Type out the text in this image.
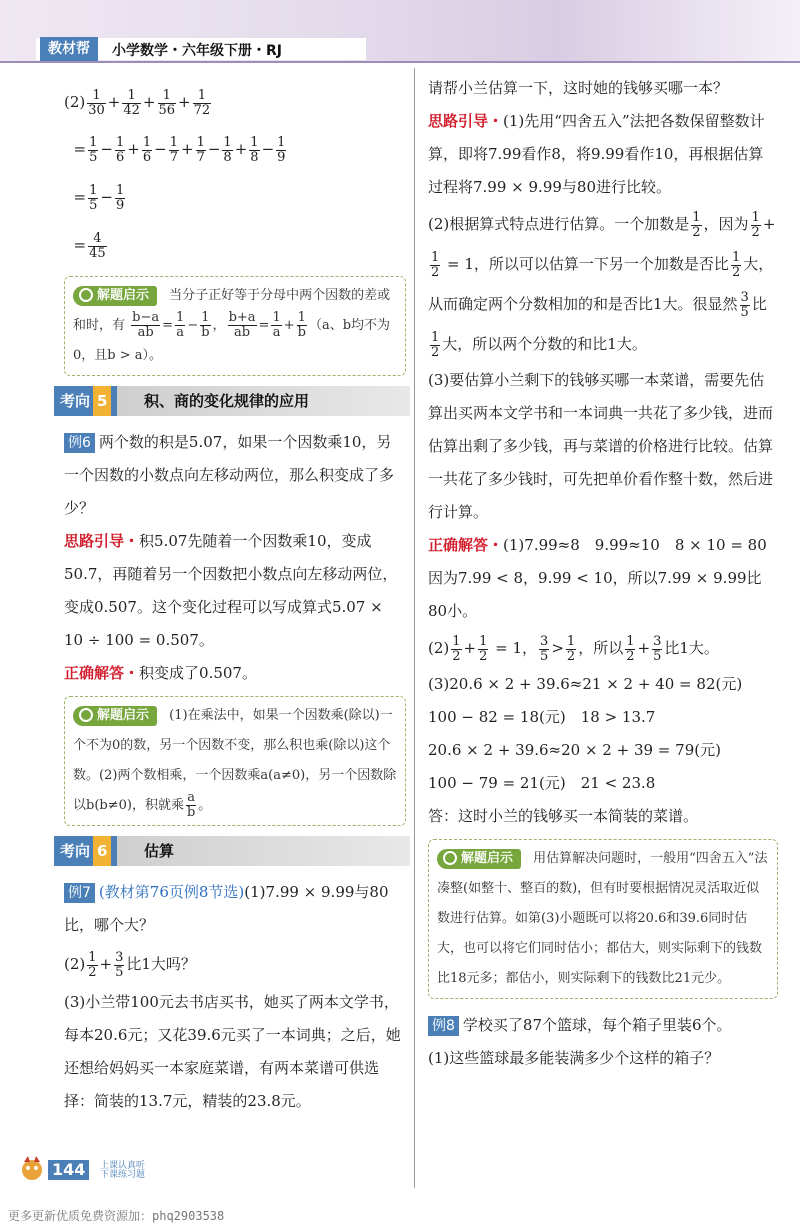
教材帮	小学数学・六年级下册・RJ

$(2) \frac{1}{30} + \frac{1}{42} + \frac{1}{56} + \frac{1}{72}$

= $\frac{1}{5} - \frac{1}{6} + \frac{1}{6} - \frac{1}{7} + \frac{1}{7} - \frac{1}{8} + \frac{1}{8} - \frac{1}{9}$

= $\frac{1}{5} - \frac{1}{9}$

= $\frac{4}{45}$

解题启示 当分子正好等于分母中两个因数的差或和时，有 $\frac{b-a}{ab} = \frac{1}{a} - \frac{1}{b}$ ， $\frac{b+a}{ab} = \frac{1}{a} + \frac{1}{b} (a$、b均不为0，且b > a）。
考向 5	积、商的变化规律的应用

例6 两个数的积是5.07，如果一个因数乘10，另一个因数的小数点向左移动两位，那么积变成了多少？

思路引导・积5.07先随着一个因数乘10，变成50.7，再随着另一个因数把小数点向左移动两位，变成0.507。这个变化过程可以写成算式5.07 × 10 ÷ 100 = 0.507。

正确解答・积变成了0.507。

解题启示 (1)在乘法中，如果一个因数乘(除以)一个不为0的数，另一个因数不变，那么积也乘(除以)这个数。(2)两个数相乘，一个因数乘a(a≠0)，另一个因数除以b(b≠0)，积就乘 $\frac{a}{b}$ 。
考向 6	估算

例7 (教材第76页例8节选)(1)7.99 × 9.99与80比，哪个大？

$(2) \frac{1}{2} + \frac{3}{5}$ 比1大吗？

(3)小兰带100元去书店买书，她买了两本文学书，每本20.6元；又花39.6元买了一本词典；之后，她还想给妈妈买一本家庭菜谱，有两本菜谱可供选择：简装的13.7元，精装的23.8元。

请帮小兰估算一下，这时她的钱够买哪一本？

思路引导・(1)先用“四舍五入”法把各数保留整数计算，即将7.99看作8，将9.99看作10，再根据估算过程将7.99 × 9.99与80进行比较。

(2)根据算式特点进行估算。一个加数是 $\frac{1}{2}$ ，因为 $\frac{1}{2}$ +
$\frac{1}{2} = 1$，所以可以估算一下另一个加数是否比 $\frac{1}{2}$ 大，从而确定两个分数相加的和是否比1大。很显然 $\frac{3}{5}$ 比
$\frac{1}{2}$ 大，所以两个分数的和比1大。

(3)要估算小兰剩下的钱够买哪一本菜谱，需要先估算出买两本文学书和一本词典一共花了多少钱，进而估算出剩了多少钱，再与菜谱的价格进行比较。估算一共花了多少钱时，可先把单价看作整十数，然后进行计算。

正确解答・(1)7.99≈8　9.99≈10　8 × 10 = 80

因为7.99 < 8，9.99 < 10，所以7.99 × 9.99比80小。

$(2) \frac{1}{2} + \frac{1}{2} = 1$， $\frac{3}{5} > \frac{1}{2}$ ，所以 $\frac{1}{2} + \frac{3}{5}$ 比1大。

(3)20.6 × 2 + 39.6≈21 × 2 + 40 = 82(元)

100 − 82 = 18(元)　18 > 13.7

20.6 × 2 + 39.6≈20 × 2 + 39 = 79(元)

100 − 79 = 21(元)　21 < 23.8

答：这时小兰的钱够买一本简装的菜谱。

解题启示 用估算解决问题时，一般用“四舍五入”法凑整(如整十、整百的数)，但有时要根据情况灵活取近似数进行估算。如第(3)小题既可以将20.6和39.6同时估大，也可以将它们同时估小；都估大，则实际剩下的钱数比18元多；都估小，则实际剩下的钱数比21元少。

例8 学校买了87个篮球，每个箱子里装6个。

(1)这些篮球最多能装满多少个这样的箱子？

144	上课认真听
下课练习题
更多更新优质免费资源加：phq2903538
